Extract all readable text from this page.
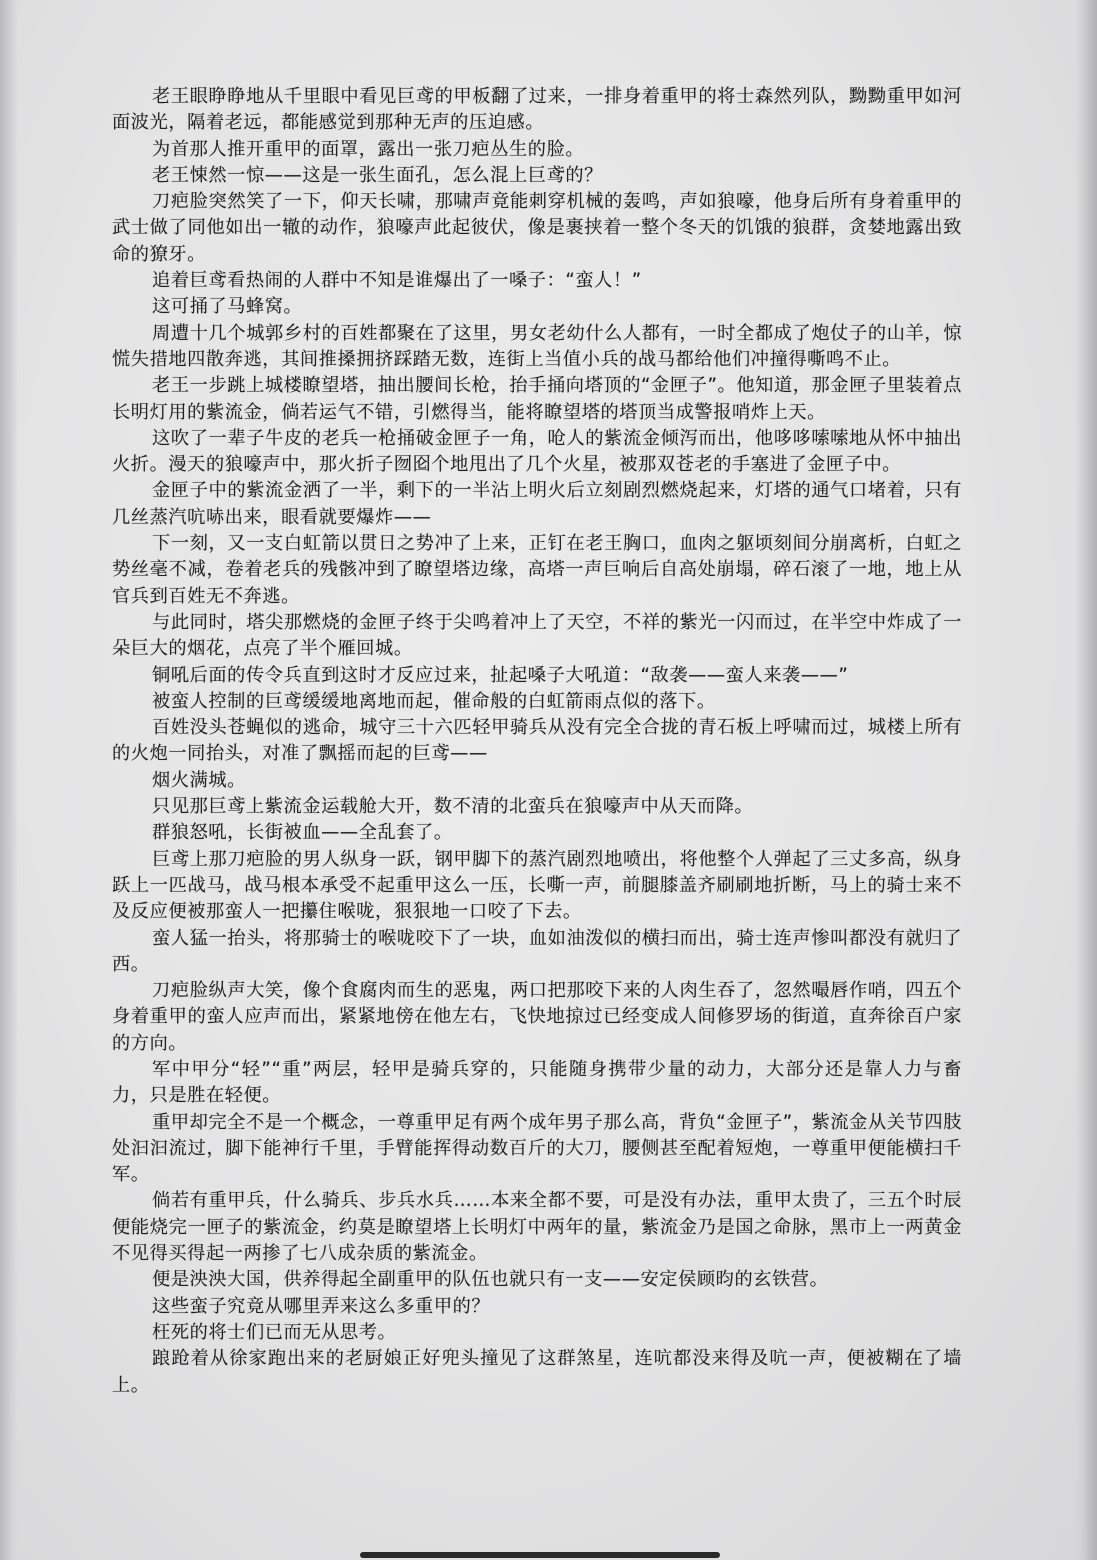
老王眼睁睁地从千里眼中看见巨鸢的甲板翻了过来，一排身着重甲的将士森然列队，黝黝重甲如河面波光，隔着老远，都能感觉到那种无声的压迫感。

为首那人推开重甲的面罩，露出一张刀疤丛生的脸。

老王悚然一惊——这是一张生面孔，怎么混上巨鸢的？

刀疤脸突然笑了一下，仰天长啸，那啸声竟能刺穿机械的轰鸣，声如狼嚎，他身后所有身着重甲的武士做了同他如出一辙的动作，狼嚎声此起彼伏，像是裹挟着一整个冬天的饥饿的狼群，贪婪地露出致命的獠牙。

追着巨鸢看热闹的人群中不知是谁爆出了一嗓子：“蛮人！”

这可捅了马蜂窝。

周遭十几个城郭乡村的百姓都聚在了这里，男女老幼什么人都有，一时全都成了炮仗子的山羊，惊慌失措地四散奔逃，其间推搡拥挤踩踏无数，连街上当值小兵的战马都给他们冲撞得嘶鸣不止。

老王一步跳上城楼瞭望塔，抽出腰间长枪，抬手捅向塔顶的“金匣子”。他知道，那金匣子里装着点长明灯用的紫流金，倘若运气不错，引燃得当，能将瞭望塔的塔顶当成警报哨炸上天。

这吹了一辈子牛皮的老兵一枪捅破金匣子一角，呛人的紫流金倾泻而出，他哆哆嗦嗦地从怀中抽出火折。漫天的狼嚎声中，那火折子囫囵个地甩出了几个火星，被那双苍老的手塞进了金匣子中。

金匣子中的紫流金洒了一半，剩下的一半沾上明火后立刻剧烈燃烧起来，灯塔的通气口堵着，只有几丝蒸汽吭哧出来，眼看就要爆炸——

下一刻，又一支白虹箭以贯日之势冲了上来，正钉在老王胸口，血肉之躯顷刻间分崩离析，白虹之势丝毫不减，卷着老兵的残骸冲到了瞭望塔边缘，高塔一声巨响后自高处崩塌，碎石滚了一地，地上从官兵到百姓无不奔逃。

与此同时，塔尖那燃烧的金匣子终于尖鸣着冲上了天空，不祥的紫光一闪而过，在半空中炸成了一朵巨大的烟花，点亮了半个雁回城。

铜吼后面的传令兵直到这时才反应过来，扯起嗓子大吼道：“敌袭——蛮人来袭——”

被蛮人控制的巨鸢缓缓地离地而起，催命般的白虹箭雨点似的落下。

百姓没头苍蝇似的逃命，城守三十六匹轻甲骑兵从没有完全合拢的青石板上呼啸而过，城楼上所有的火炮一同抬头，对准了飘摇而起的巨鸢——

烟火满城。

只见那巨鸢上紫流金运载舱大开，数不清的北蛮兵在狼嚎声中从天而降。

群狼怒吼，长街被血——全乱套了。

巨鸢上那刀疤脸的男人纵身一跃，钢甲脚下的蒸汽剧烈地喷出，将他整个人弹起了三丈多高，纵身跃上一匹战马，战马根本承受不起重甲这么一压，长嘶一声，前腿膝盖齐刷刷地折断，马上的骑士来不及反应便被那蛮人一把攥住喉咙，狠狠地一口咬了下去。

蛮人猛一抬头，将那骑士的喉咙咬下了一块，血如油泼似的横扫而出，骑士连声惨叫都没有就归了西。

刀疤脸纵声大笑，像个食腐肉而生的恶鬼，两口把那咬下来的人肉生吞了，忽然嘬唇作哨，四五个身着重甲的蛮人应声而出，紧紧地傍在他左右，飞快地掠过已经变成人间修罗场的街道，直奔徐百户家的方向。

军中甲分“轻”“重”两层，轻甲是骑兵穿的，只能随身携带少量的动力，大部分还是靠人力与畜力，只是胜在轻便。

重甲却完全不是一个概念，一尊重甲足有两个成年男子那么高，背负“金匣子”，紫流金从关节四肢处汩汩流过，脚下能神行千里，手臂能挥得动数百斤的大刀，腰侧甚至配着短炮，一尊重甲便能横扫千军。

倘若有重甲兵，什么骑兵、步兵水兵……本来全都不要，可是没有办法，重甲太贵了，三五个时辰便能烧完一匣子的紫流金，约莫是瞭望塔上长明灯中两年的量，紫流金乃是国之命脉，黑市上一两黄金不见得买得起一两掺了七八成杂质的紫流金。

便是泱泱大国，供养得起全副重甲的队伍也就只有一支——安定侯顾昀的玄铁营。

这些蛮子究竟从哪里弄来这么多重甲的？

枉死的将士们已而无从思考。

踉跄着从徐家跑出来的老厨娘正好兜头撞见了这群煞星，连吭都没来得及吭一声，便被糊在了墙上。
